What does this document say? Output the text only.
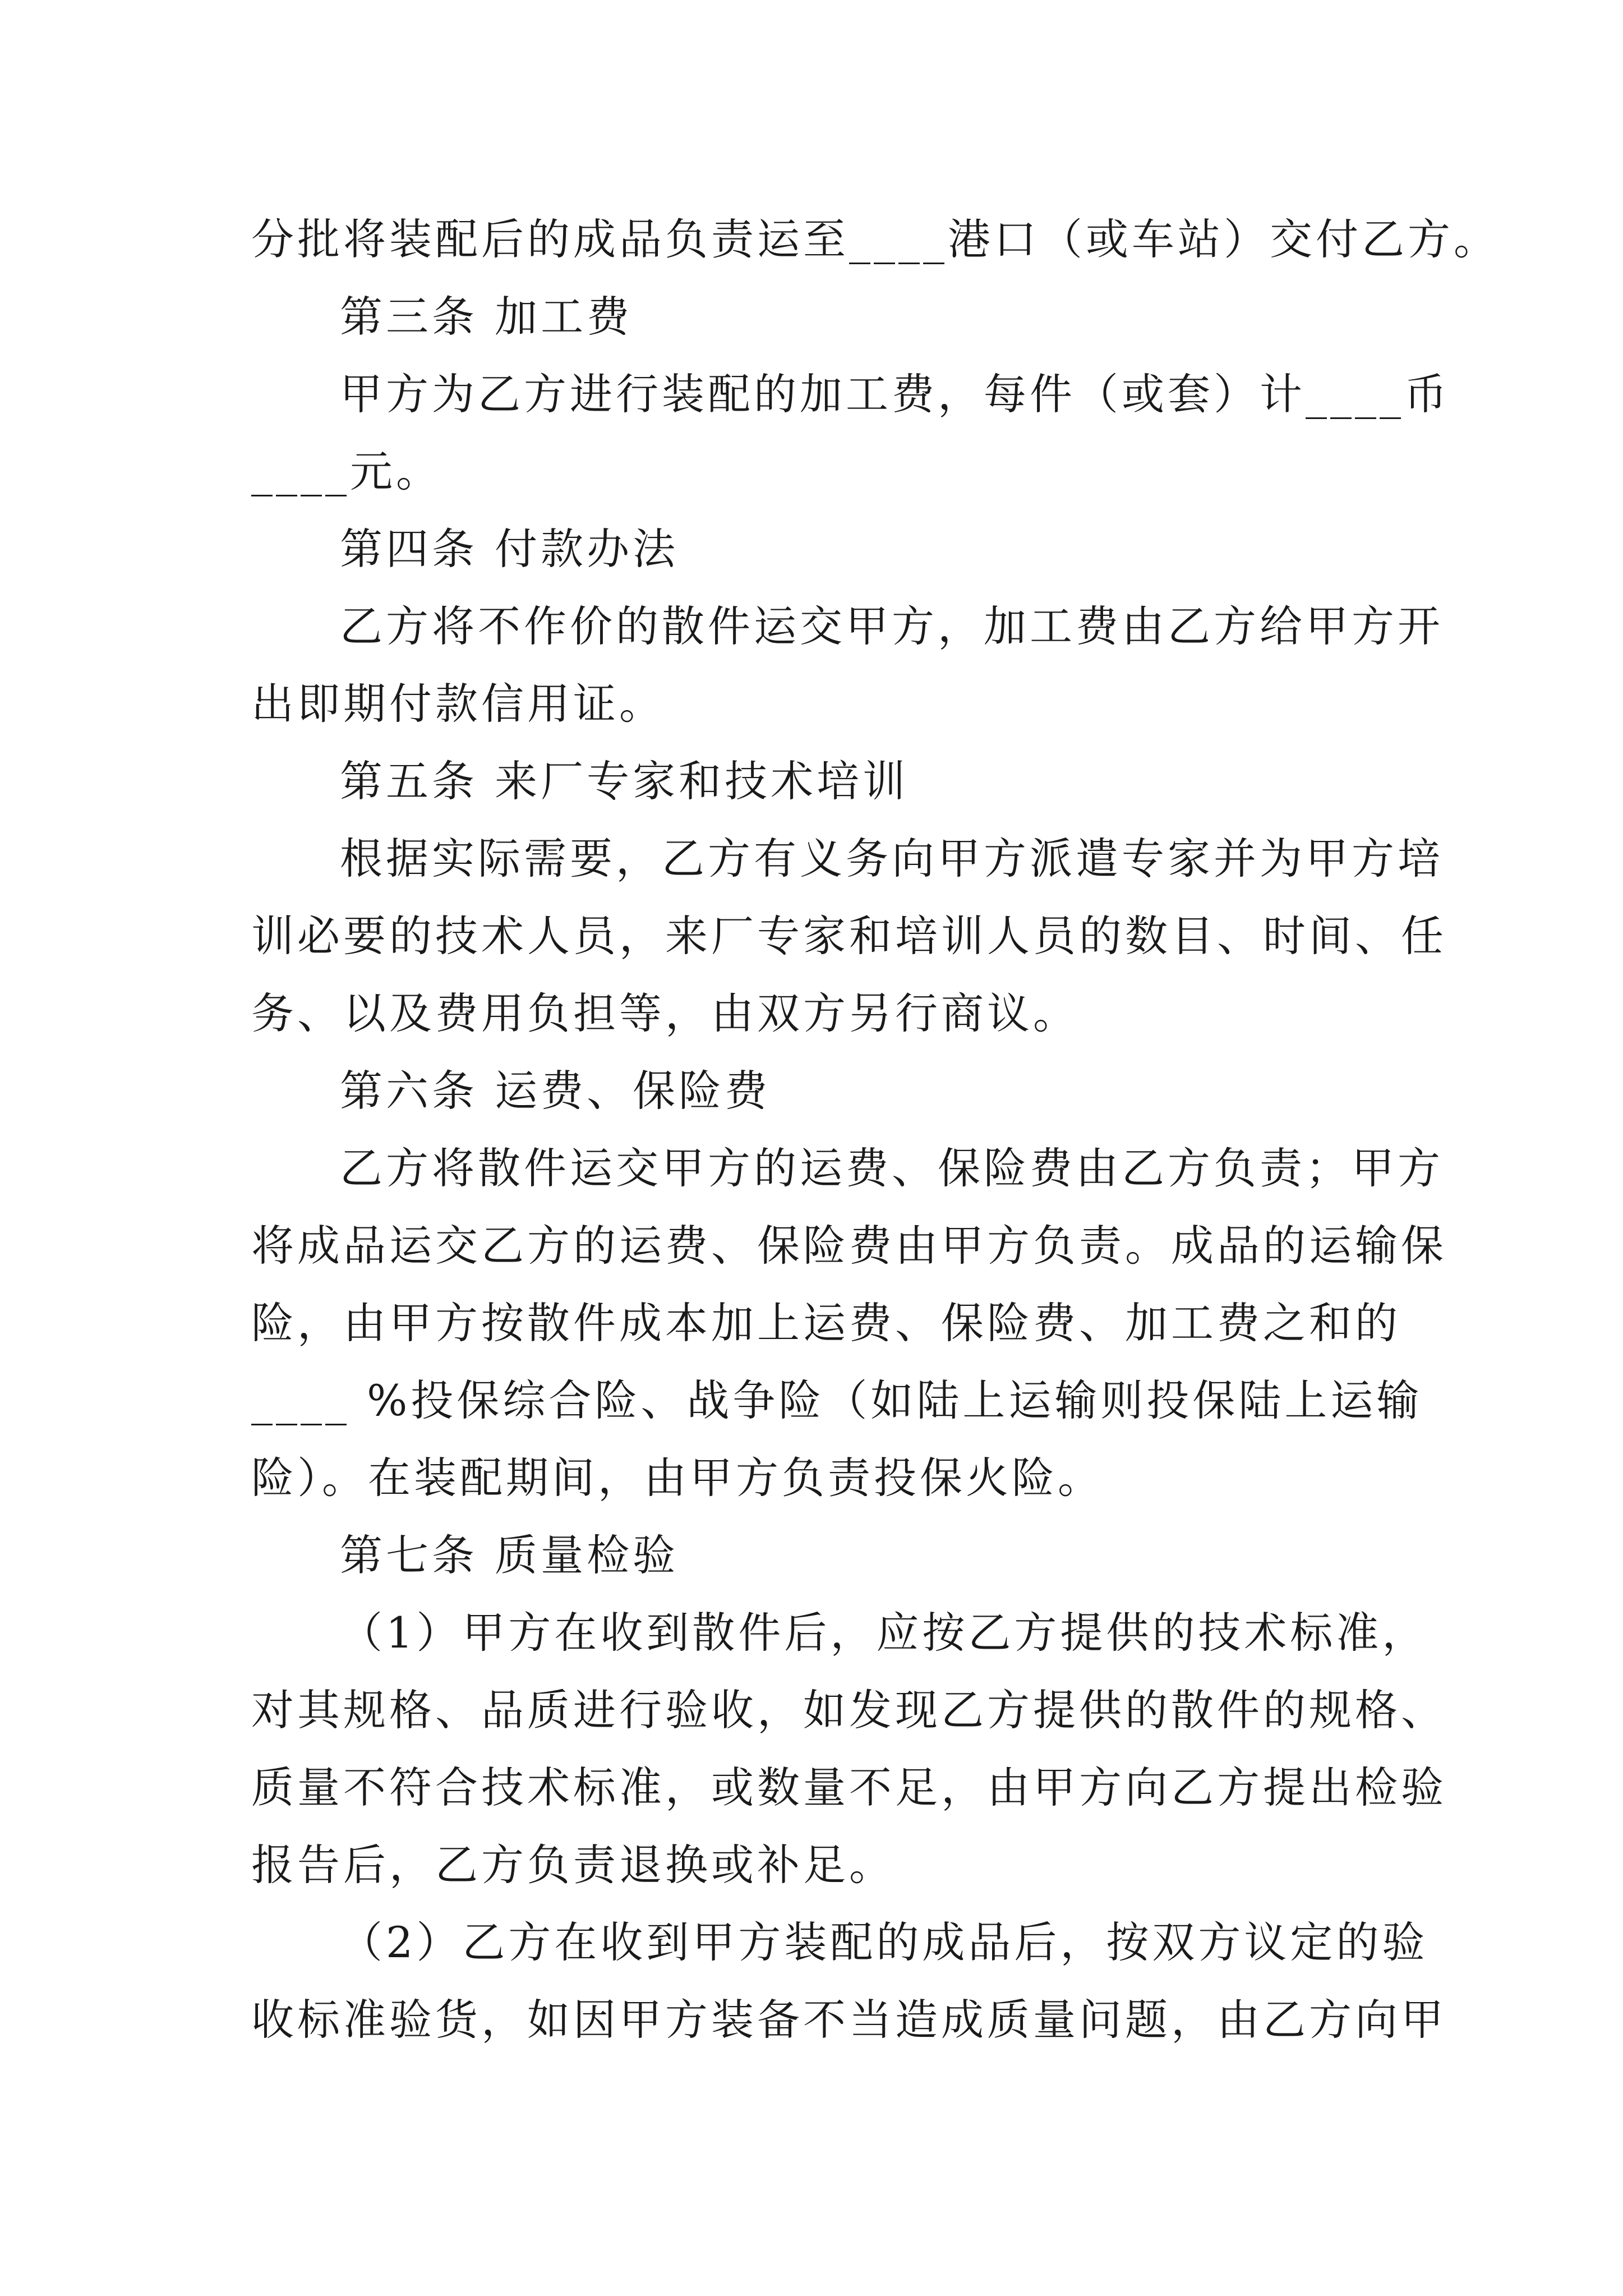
分批将装配后的成品负责运至____港口（或车站）交付乙方。
第三条 加工费
甲方为乙方进行装配的加工费，每件（或套）计____币
____元。
第四条 付款办法
乙方将不作价的散件运交甲方，加工费由乙方给甲方开
出即期付款信用证。
第五条 来厂专家和技术培训
根据实际需要，乙方有义务向甲方派遣专家并为甲方培
训必要的技术人员，来厂专家和培训人员的数目、时间、任
务、以及费用负担等，由双方另行商议。
第六条 运费、保险费
乙方将散件运交甲方的运费、保险费由乙方负责；甲方
将成品运交乙方的运费、保险费由甲方负责。成品的运输保
险，由甲方按散件成本加上运费、保险费、加工费之和的
____ %投保综合险、战争险（如陆上运输则投保陆上运输
险）。在装配期间，由甲方负责投保火险。
第七条 质量检验
（1）甲方在收到散件后，应按乙方提供的技术标准，
对其规格、品质进行验收，如发现乙方提供的散件的规格、
质量不符合技术标准，或数量不足，由甲方向乙方提出检验
报告后，乙方负责退换或补足。
（2）乙方在收到甲方装配的成品后，按双方议定的验
收标准验货，如因甲方装备不当造成质量问题，由乙方向甲
